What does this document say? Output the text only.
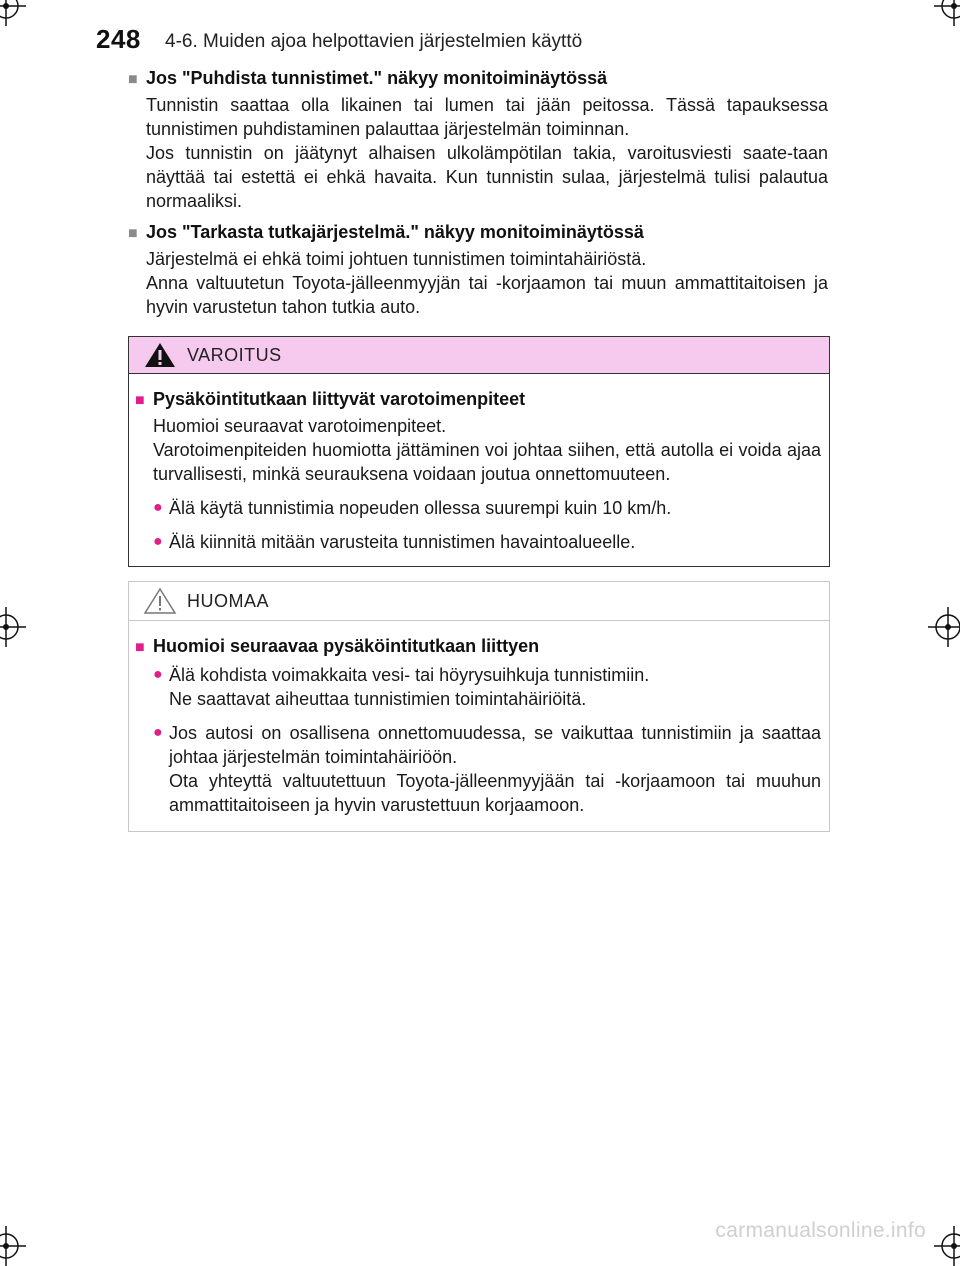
248 4-6. Muiden ajoa helpottavien järjestelmien käyttö
■ Jos "Puhdista tunnistimet." näkyy monitoiminäytössä

Tunnistin saattaa olla likainen tai lumen tai jään peitossa. Tässä tapauksessa tunnistimen puhdistaminen palauttaa järjestelmän toiminnan.

Jos tunnistin on jäätynyt alhaisen ulkolämpötilan takia, varoitusviesti saate-taan näyttää tai estettä ei ehkä havaita. Kun tunnistin sulaa, järjestelmä tulisi palautua normaaliksi.

■ Jos "Tarkasta tutkajärjestelmä." näkyy monitoiminäytössä

Järjestelmä ei ehkä toimi johtuen tunnistimen toimintahäiriöstä.

Anna valtuutetun Toyota-jälleenmyyjän tai -korjaamon tai muun ammattitaitoisen ja hyvin varustetun tahon tutkia auto.

VAROITUS
■ Pysäköintitutkaan liittyvät varotoimenpiteet

Huomioi seuraavat varotoimenpiteet.

Varotoimenpiteiden huomiotta jättäminen voi johtaa siihen, että autolla ei voida ajaa turvallisesti, minkä seurauksena voidaan joutua onnettomuuteen.

● Älä käytä tunnistimia nopeuden ollessa suurempi kuin 10 km/h.
● Älä kiinnitä mitään varusteita tunnistimen havaintoalueelle.
HUOMAA
■ Huomioi seuraavaa pysäköintitutkaan liittyen
● Älä kohdista voimakkaita vesi- tai höyrysuihkuja tunnistimiin.

Ne saattavat aiheuttaa tunnistimien toimintahäiriöitä.

● Jos autosi on osallisena onnettomuudessa, se vaikuttaa tunnistimiin ja saattaa johtaa järjestelmän toimintahäiriöön.

Ota yhteyttä valtuutettuun Toyota-jälleenmyyjään tai -korjaamoon tai muuhun ammattitaitoiseen ja hyvin varustettuun korjaamoon.

carmanualsonline.info
